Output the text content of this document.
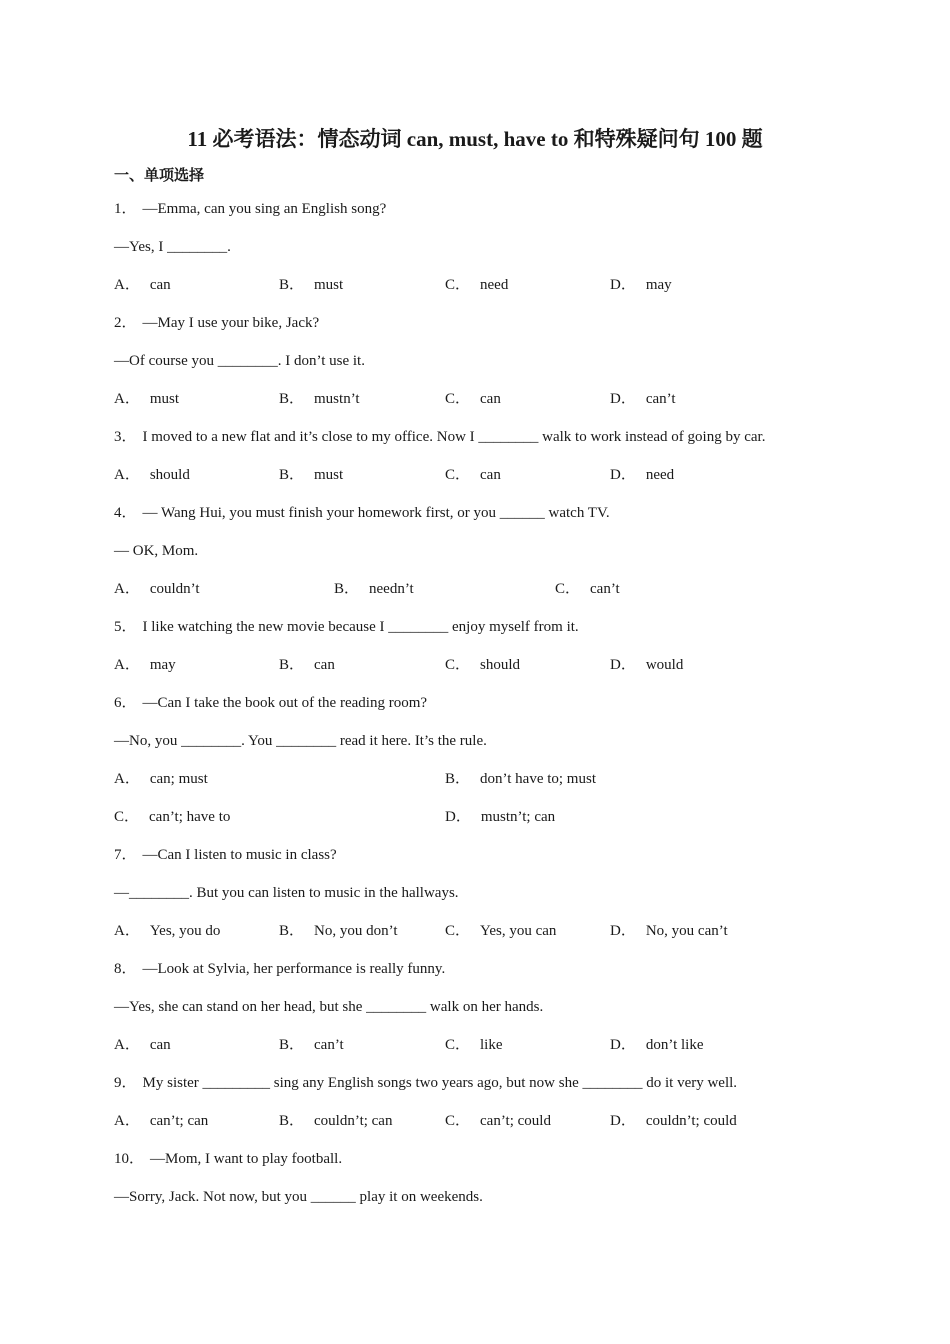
11 必考语法：情态动词 can, must, have to 和特殊疑问句 100 题
一、单项选择
1． —Emma, can you sing an English song?
—Yes, I ________.
A． can	B． must	C． need	D． may
2． —May I use your bike, Jack?
—Of course you ________. I don’t use it.
A． must	B． mustn’t	C． can	D． can’t
3． I moved to a new flat and it’s close to my office. Now I ________ walk to work instead of going by car.
A． should	B． must	C． can	D． need
4． — Wang Hui, you must finish your homework first, or you ______ watch TV.
— OK, Mom.
A． couldn’t	B． needn’t	C． can’t
5． I like watching the new movie because I ________ enjoy myself from it.
A． may	B． can	C． should	D． would
6． —Can I take the book out of the reading room?
—No, you ________. You ________ read it here. It’s the rule.
A． can; must	B． don’t have to; must
C． can’t; have to	D． mustn’t; can
7． —Can I listen to music in class?
—________. But you can listen to music in the hallways.
A． Yes, you do	B． No, you don’t	C． Yes, you can	D． No, you can’t
8． —Look at Sylvia, her performance is really funny.
—Yes, she can stand on her head, but she ________ walk on her hands.
A． can	B． can’t	C． like	D． don’t like
9． My sister _________ sing any English songs two years ago, but now she ________ do it very well.
A． can’t; can	B． couldn’t; can	C． can’t; could	D． couldn’t; could
10． —Mom, I want to play football.
—Sorry, Jack. Not now, but you ______ play it on weekends.
